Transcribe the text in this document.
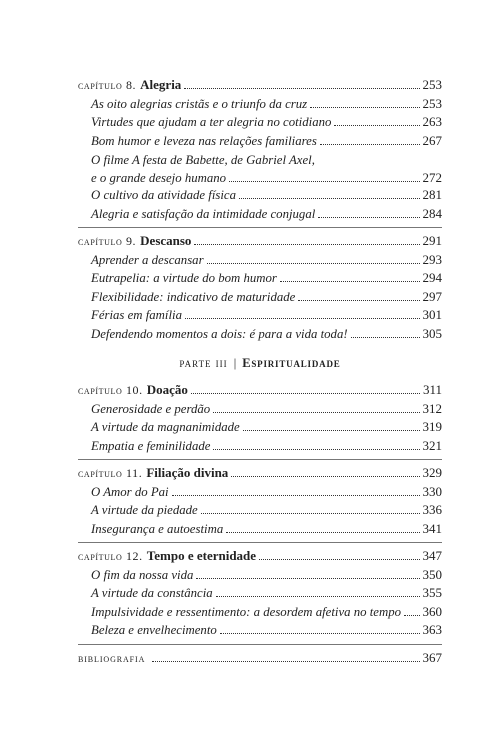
capítulo 8. Alegria	253
As oito alegrias cristãs e o triunfo da cruz	253
Virtudes que ajudam a ter alegria no cotidiano	263
Bom humor e leveza nas relações familiares	267
O filme A festa de Babette, de Gabriel Axel,
e o grande desejo humano	272
O cultivo da atividade física	281
Alegria e satisfação da intimidade conjugal	284
capítulo 9. Descanso	291
Aprender a descansar	293
Eutrapelia: a virtude do bom humor	294
Flexibilidade: indicativo de maturidade	297
Férias em família	301
Defendendo momentos a dois: é para a vida toda!	305
parte iii | Espiritualidade
capítulo 10. Doação	311
Generosidade e perdão	312
A virtude da magnanimidade	319
Empatia e feminilidade	321
capítulo 11. Filiação divina	329
O Amor do Pai	330
A virtude da piedade	336
Insegurança e autoestima	341
capítulo 12. Tempo e eternidade	347
O fim da nossa vida	350
A virtude da constância	355
Impulsividade e ressentimento: a desordem afetiva no tempo 360
Beleza e envelhecimento	363
bibliografia	367
